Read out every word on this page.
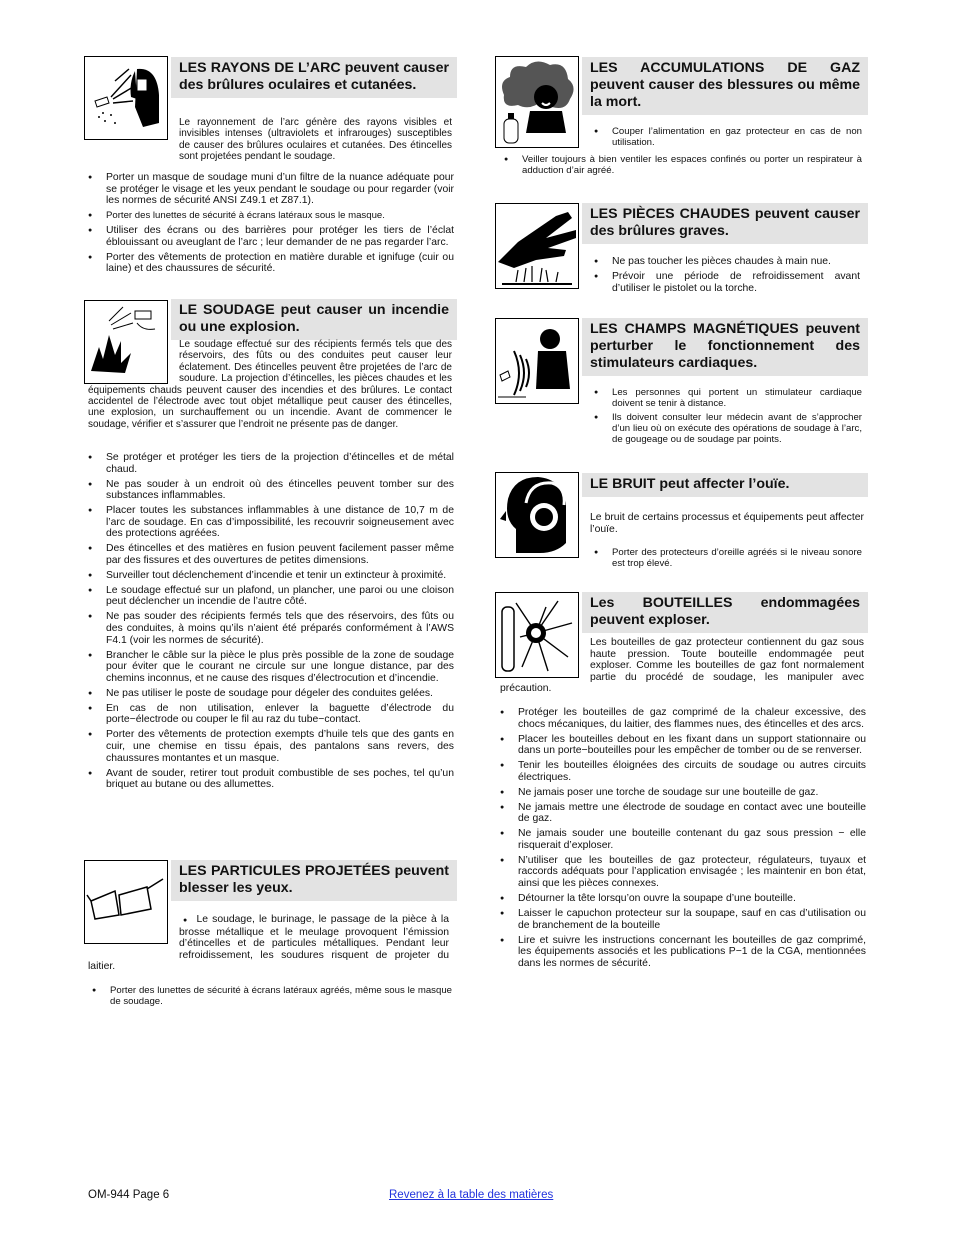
LES RAYONS DE L’ARC peuvent causer des brûlures oculaires et cutanées.
Le rayonnement de l’arc génère des rayons visibles et invisibles intenses (ultraviolets et infrarouges) susceptibles de causer des brûlures oculaires et cutanées. Des étincelles sont projetées pendant le soudage.
● Porter un masque de soudage muni d’un filtre de la nuance adéquate pour se protéger le visage et les yeux pendant le soudage ou pour regarder (voir les normes de sécurité ANSI Z49.1 et Z87.1).
● Porter des lunettes de sécurité à écrans latéraux sous le masque.
● Utiliser des écrans ou des barrières pour protéger les tiers de l’éclat éblouissant ou aveuglant de l’arc ; leur demander de ne pas regarder l’arc.
● Porter des vêtements de protection en matière durable et ignifuge (cuir ou laine) et des chaussures de sécurité.
LE SOUDAGE peut causer un incendie ou une explosion.
Le soudage effectué sur des récipients fermés tels que des réservoirs, des fûts ou des conduites peut causer leur éclatement. Des étincelles peuvent être projetées de l’arc de soudure. La projection d’étincelles, les pièces chaudes et les équipements chauds peuvent causer des incendies et des brûlures. Le contact accidentel de l’électrode avec tout objet métallique peut causer des étincelles, une explosion, un surchauffement ou un incendie. Avant de commencer le soudage, vérifier et s’assurer que l’endroit ne présente pas de danger.
● Se protéger et protéger les tiers de la projection d’étincelles et de métal chaud.
● Ne pas souder à un endroit où des étincelles peuvent tomber sur des substances inflammables.
● Placer toutes les substances inflammables à une distance de 10,7 m de l’arc de soudage. En cas d’impossibilité, les recouvrir soigneusement avec des protections agréées.
● Des étincelles et des matières en fusion peuvent facilement passer même par des fissures et des ouvertures de petites dimensions.
● Surveiller tout déclenchement d’incendie et tenir un extincteur à proximité.
● Le soudage effectué sur un plafond, un plancher, une paroi ou une cloison peut déclencher un incendie de l’autre côté.
● Ne pas souder des récipients fermés tels que des réservoirs, des fûts ou des conduites, à moins qu’ils n’aient été préparés conformément à l’AWS F4.1 (voir les normes de sécurité).
● Brancher le câble sur la pièce le plus près possible de la zone de soudage pour éviter que le courant ne circule sur une longue distance, par des chemins inconnus, et ne cause des risques d’électrocution et d’incendie.
● Ne pas utiliser le poste de soudage pour dégeler des conduites gelées.
● En cas de non utilisation, enlever la baguette d’électrode du porte−électrode ou couper le fil au raz du tube−contact.
● Porter des vêtements de protection exempts d’huile tels que des gants en cuir, une chemise en tissu épais, des pantalons sans revers, des chaussures montantes et un masque.
● Avant de souder, retirer tout produit combustible de ses poches, tel qu’un briquet au butane ou des allumettes.
LES PARTICULES PROJETÉES peuvent blesser les yeux.
● Le soudage, le burinage, le passage de la pièce à la brosse métallique et le meulage provoquent l’émission d’étincelles et de particules métalliques. Pendant leur refroidissement, les soudures risquent de projeter du laitier.
● Porter des lunettes de sécurité à écrans latéraux agréés, même sous le masque de soudage.
LES ACCUMULATIONS DE GAZ peuvent causer des blessures ou même la mort.
● Couper l’alimentation en gaz protecteur en cas de non utilisation.
● Veiller toujours à bien ventiler les espaces confinés ou porter un respirateur à adduction d’air agréé.
LES PIÈCES CHAUDES peuvent causer des brûlures graves.
● Ne pas toucher les pièces chaudes à main nue.
● Prévoir une période de refroidissement avant d’utiliser le pistolet ou la torche.
LES CHAMPS MAGNÉTIQUES peuvent perturber le fonctionnement des stimulateurs cardiaques.
● Les personnes qui portent un stimulateur cardiaque doivent se tenir à distance.
● Ils doivent consulter leur médecin avant de s’approcher d’un lieu où on exécute des opérations de soudage à l’arc, de gougeage ou de soudage par points.
LE BRUIT peut affecter l’ouïe.
Le bruit de certains processus et équipements peut affecter l’ouïe.
● Porter des protecteurs d’oreille agréés si le niveau sonore est trop élevé.
Les BOUTEILLES endommagées peuvent exploser.
Les bouteilles de gaz protecteur contiennent du gaz sous haute pression. Toute bouteille endommagée peut exploser. Comme les bouteilles de gaz font normalement partie du procédé de soudage, les manipuler avec précaution.
● Protéger les bouteilles de gaz comprimé de la chaleur excessive, des chocs mécaniques, du laitier, des flammes nues, des étincelles et des arcs.
● Placer les bouteilles debout en les fixant dans un support stationnaire ou dans un porte−bouteilles pour les empêcher de tomber ou de se renverser.
● Tenir les bouteilles éloignées des circuits de soudage ou autres circuits électriques.
● Ne jamais poser une torche de soudage sur une bouteille de gaz.
● Ne jamais mettre une électrode de soudage en contact avec une bouteille de gaz.
● Ne jamais souder une bouteille contenant du gaz sous pression − elle risquerait d’exploser.
● N’utiliser que les bouteilles de gaz protecteur, régulateurs, tuyaux et raccords adéquats pour l’application envisagée ; les maintenir en bon état, ainsi que les pièces connexes.
● Détourner la tête lorsqu’on ouvre la soupape d’une bouteille.
● Laisser le capuchon protecteur sur la soupape, sauf en cas d’utilisation ou de branchement de la bouteille
● Lire et suivre les instructions concernant les bouteilles de gaz comprimé, les équipements associés et les publications P−1 de la CGA, mentionnées dans les normes de sécurité.
OM-944 Page 6	Revenez à la table des matières
